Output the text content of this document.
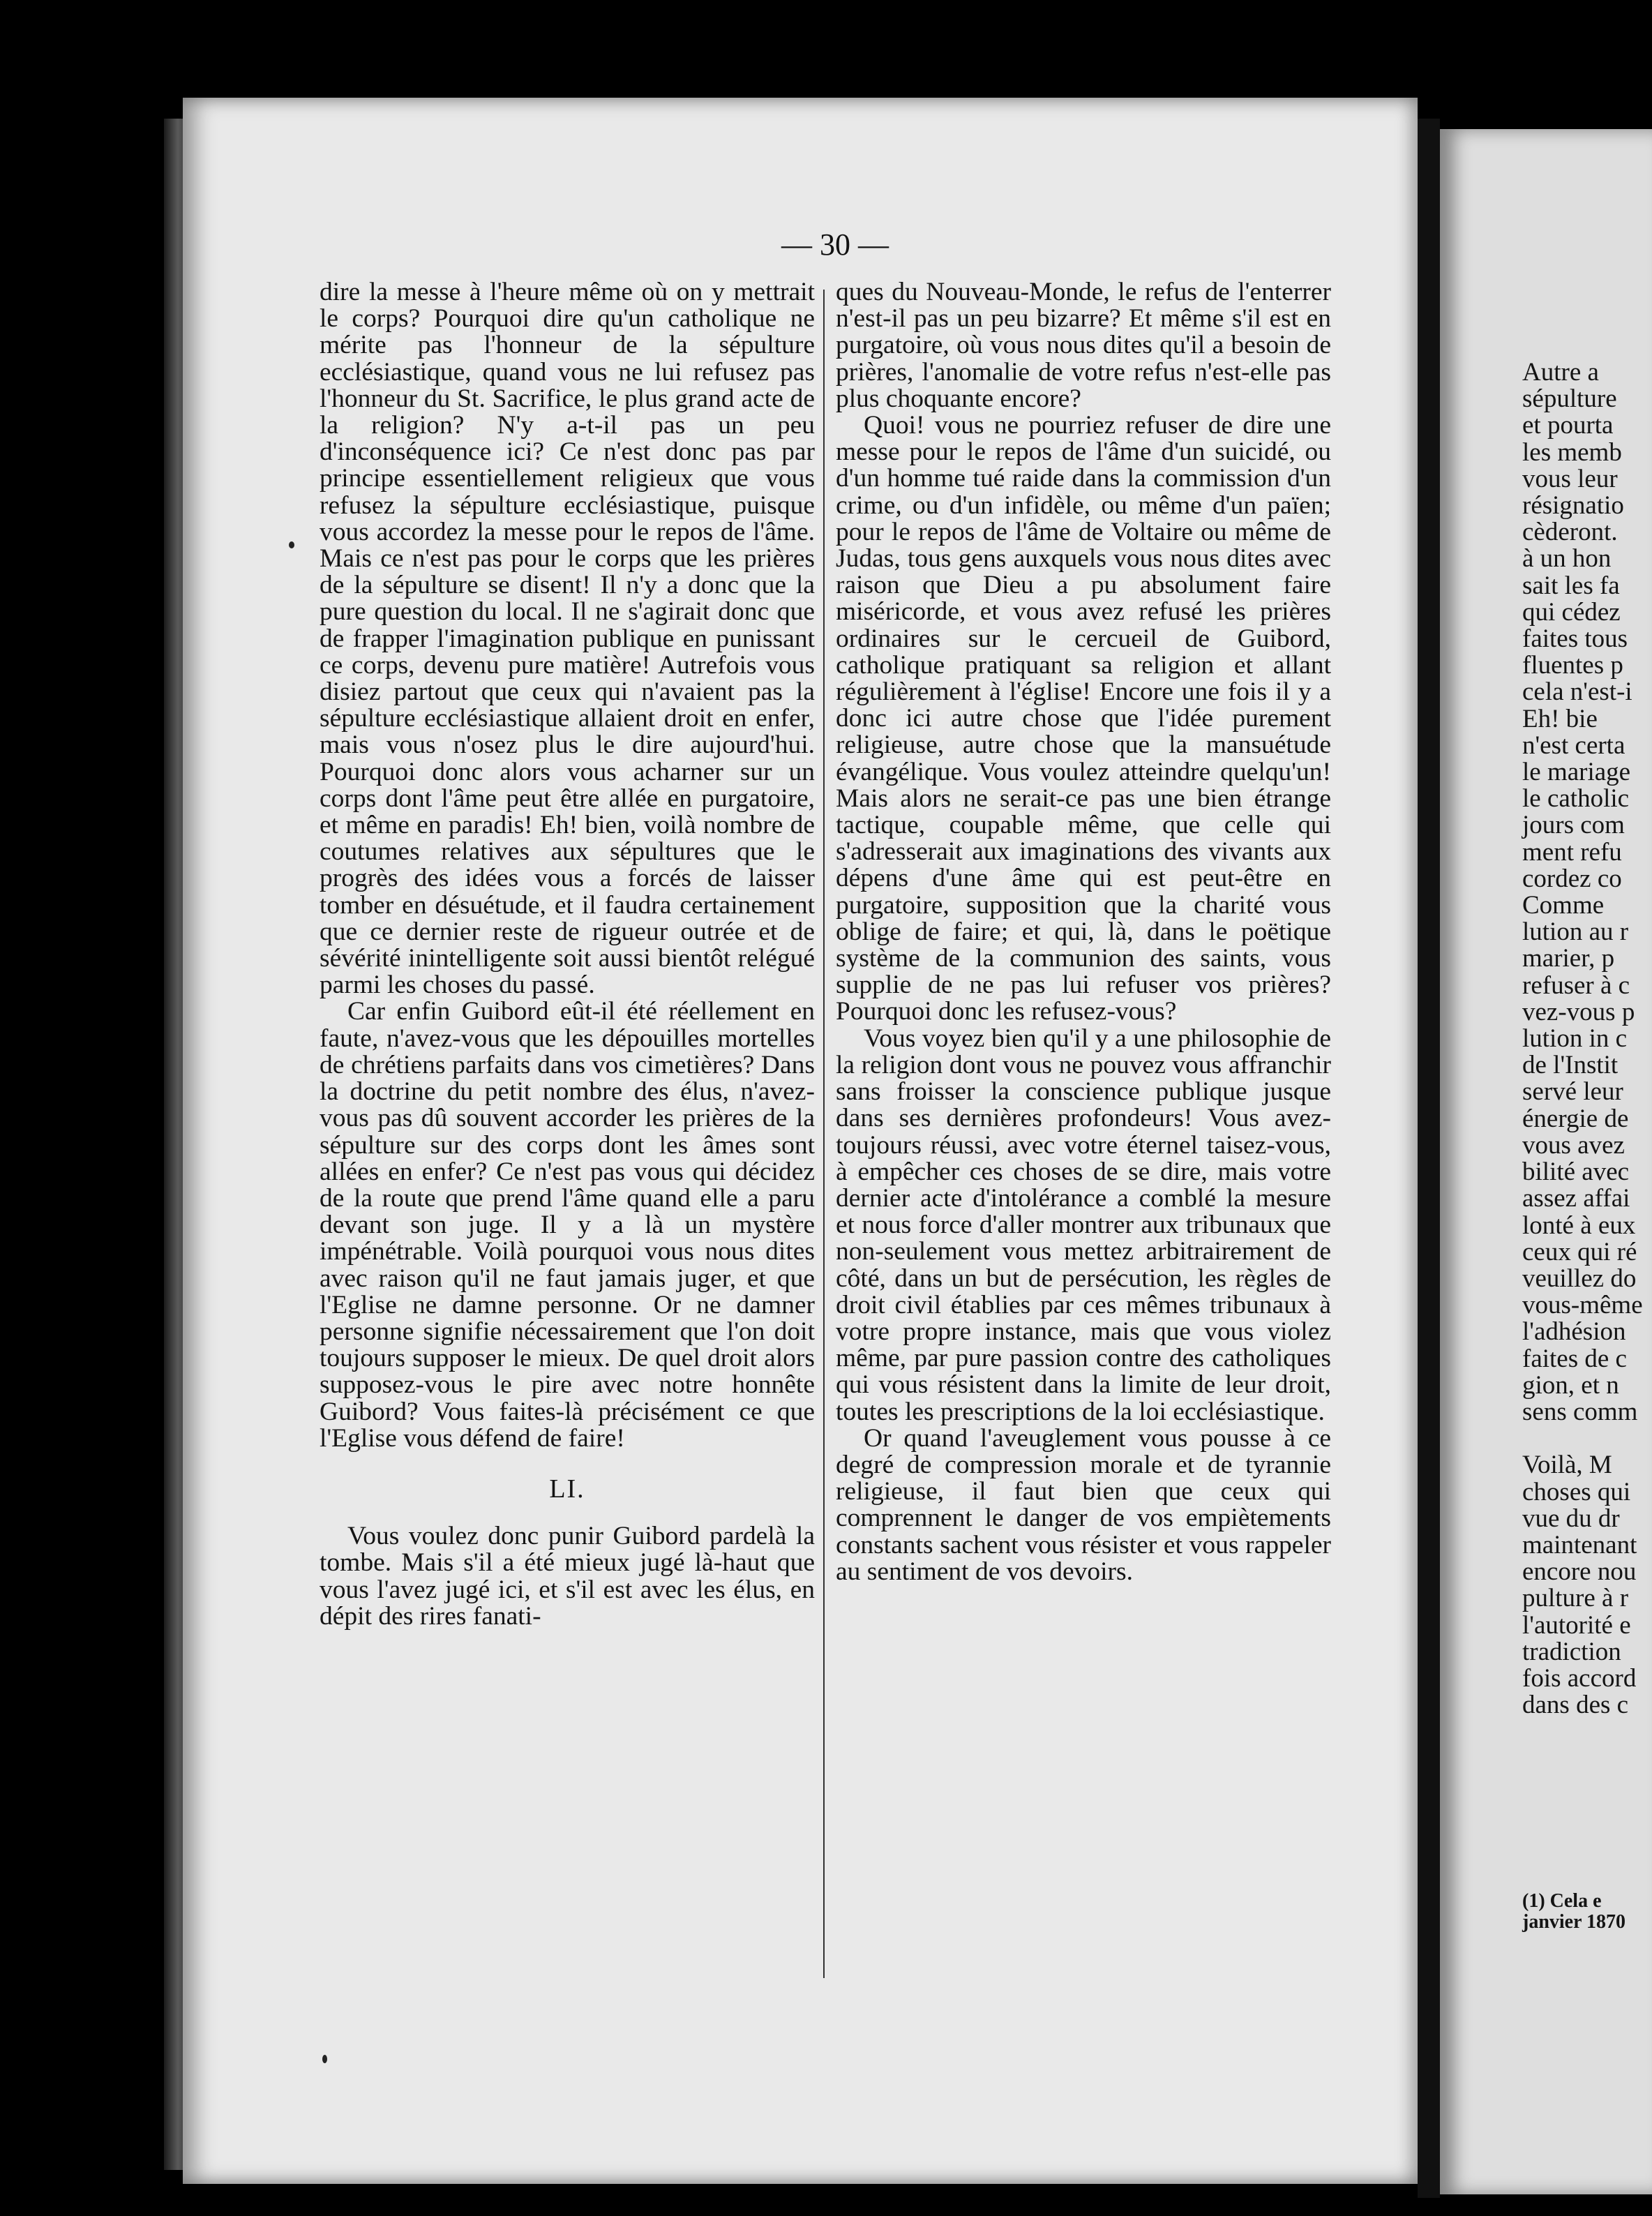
— 30 —

dire la messe à l'heure même où on y mettrait le corps? Pourquoi dire qu'un catholique ne mérite pas l'honneur de la sépulture ecclésiastique, quand vous ne lui refusez pas l'honneur du St. Sacrifice, le plus grand acte de la religion? N'y a-t-il pas un peu d'inconséquence ici? Ce n'est donc pas par principe essentiellement religieux que vous refusez la sépulture ecclésiastique, puisque vous accordez la messe pour le repos de l'âme. Mais ce n'est pas pour le corps que les prières de la sépulture se disent! Il n'y a donc que la pure question du local. Il ne s'agirait donc que de frapper l'imagination publique en punissant ce corps, devenu pure matière! Autrefois vous disiez partout que ceux qui n'avaient pas la sépulture ecclésiastique allaient droit en enfer, mais vous n'osez plus le dire aujourd'hui. Pourquoi donc alors vous acharner sur un corps dont l'âme peut être allée en purgatoire, et même en paradis! Eh! bien, voilà nombre de coutumes relatives aux sépultures que le progrès des idées vous a forcés de laisser tomber en désuétude, et il faudra certainement que ce dernier reste de rigueur outrée et de sévérité inintelligente soit aussi bientôt relégué parmi les choses du passé.

Car enfin Guibord eût-il été réellement en faute, n'avez-vous que les dépouilles mortelles de chrétiens parfaits dans vos cimetières? Dans la doctrine du petit nombre des élus, n'avez-vous pas dû souvent accorder les prières de la sépulture sur des corps dont les âmes sont allées en enfer? Ce n'est pas vous qui décidez de la route que prend l'âme quand elle a paru devant son juge. Il y a là un mystère impénétrable. Voilà pourquoi vous nous dites avec raison qu'il ne faut jamais juger, et que l'Eglise ne damne personne. Or ne damner personne signifie nécessairement que l'on doit toujours supposer le mieux. De quel droit alors supposez-vous le pire avec notre honnête Guibord? Vous faites-là précisément ce que l'Eglise vous défend de faire!

LI.

Vous voulez donc punir Guibord pardelà la tombe. Mais s'il a été mieux jugé là-haut que vous l'avez jugé ici, et s'il est avec les élus, en dépit des rires fanati-

ques du Nouveau-Monde, le refus de l'enterrer n'est-il pas un peu bizarre? Et même s'il est en purgatoire, où vous nous dites qu'il a besoin de prières, l'anomalie de votre refus n'est-elle pas plus choquante encore?

Quoi! vous ne pourriez refuser de dire une messe pour le repos de l'âme d'un suicidé, ou d'un homme tué raide dans la commission d'un crime, ou d'un infidèle, ou même d'un païen; pour le repos de l'âme de Voltaire ou même de Judas, tous gens auxquels vous nous dites avec raison que Dieu a pu absolument faire miséricorde, et vous avez refusé les prières ordinaires sur le cercueil de Guibord, catholique pratiquant sa religion et allant régulièrement à l'église! Encore une fois il y a donc ici autre chose que l'idée purement religieuse, autre chose que la mansuétude évangélique. Vous voulez atteindre quelqu'un! Mais alors ne serait-ce pas une bien étrange tactique, coupable même, que celle qui s'adresserait aux imaginations des vivants aux dépens d'une âme qui est peut-être en purgatoire, supposition que la charité vous oblige de faire; et qui, là, dans le poëtique système de la communion des saints, vous supplie de ne pas lui refuser vos prières? Pourquoi donc les refusez-vous?

Vous voyez bien qu'il y a une philosophie de la religion dont vous ne pouvez vous affranchir sans froisser la conscience publique jusque dans ses dernières profondeurs! Vous avez-toujours réussi, avec votre éternel taisez-vous, à empêcher ces choses de se dire, mais votre dernier acte d'intolérance a comblé la mesure et nous force d'aller montrer aux tribunaux que non-seulement vous mettez arbitrairement de côté, dans un but de persécution, les règles de droit civil établies par ces mêmes tribunaux à votre propre instance, mais que vous violez même, par pure passion contre des catholiques qui vous résistent dans la limite de leur droit, toutes les prescriptions de la loi ecclésiastique.

Or quand l'aveuglement vous pousse à ce degré de compression morale et de tyrannie religieuse, il faut bien que ceux qui comprennent le danger de vos empiètements constants sachent vous résister et vous rappeler au sentiment de vos devoirs.

Autre a

sépulture

et pourta

les memb

vous leur

résignatio

cèderont.

à un hon

sait les fa

qui cédez

faites tous

fluentes p

cela n'est-i

Eh! bie

n'est certa

le mariage

le catholic

jours com

ment refu

cordez co

Comme

lution au r

marier, p

refuser à c

vez-vous p

lution in c

de l'Instit

servé leur

énergie de

vous avez

bilité avec

assez affai

lonté à eux

ceux qui ré

veuillez do

vous-même

l'adhésion

faites de c

gion, et n

sens comm

Voilà, M

choses qui

vue du dr

maintenant

encore nou

pulture à r

l'autorité e

tradiction

fois accord

dans des c

(1) Cela e
janvier 1870
